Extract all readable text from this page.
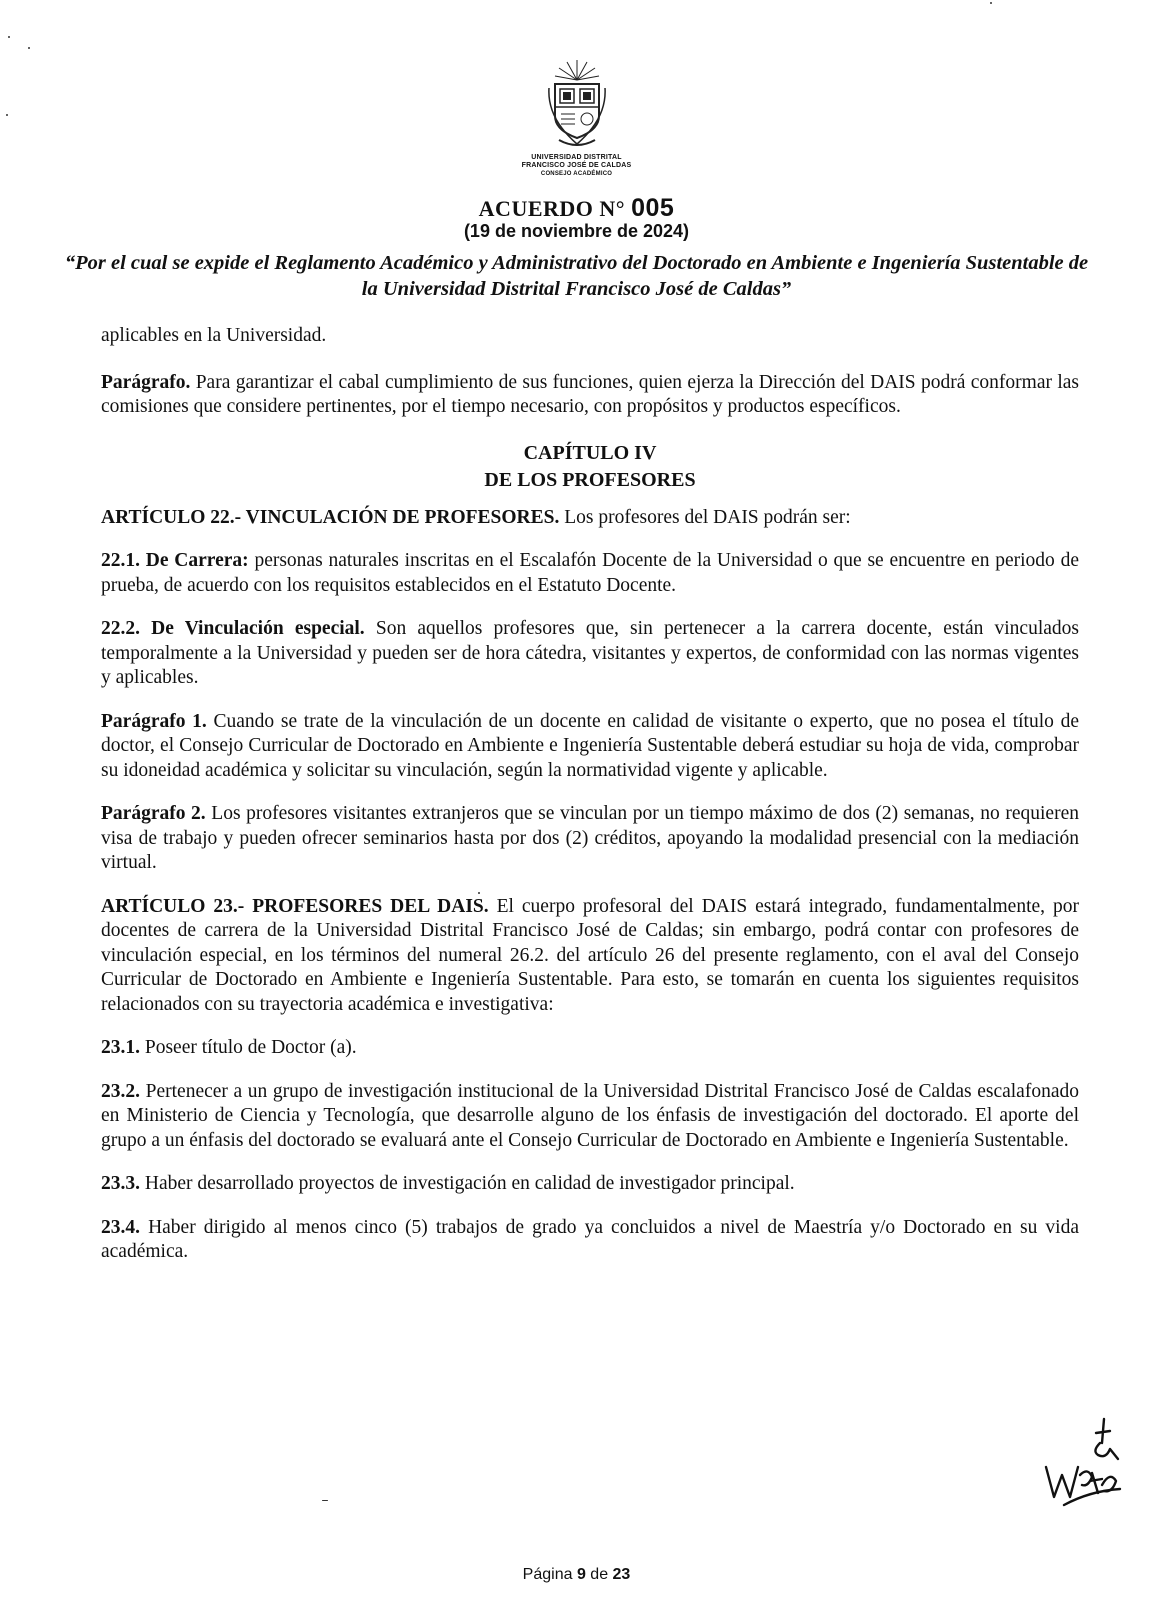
UNIVERSIDAD DISTRITAL
FRANCISCO JOSÉ DE CALDAS
CONSEJO ACADÉMICO
ACUERDO N° 005
(19 de noviembre de 2024)
“Por el cual se expide el Reglamento Académico y Administrativo del Doctorado en Ambiente e Ingeniería Sustentable de la Universidad Distrital Francisco José de Caldas”

aplicables en la Universidad.

Parágrafo. Para garantizar el cabal cumplimiento de sus funciones, quien ejerza la Dirección del DAIS podrá conformar las comisiones que considere pertinentes, por el tiempo necesario, con propósitos y productos específicos.

CAPÍTULO IV
DE LOS PROFESORES

ARTÍCULO 22.- VINCULACIÓN DE PROFESORES. Los profesores del DAIS podrán ser:

22.1. De Carrera: personas naturales inscritas en el Escalafón Docente de la Universidad o que se encuentre en periodo de prueba, de acuerdo con los requisitos establecidos en el Estatuto Docente.

22.2. De Vinculación especial. Son aquellos profesores que, sin pertenecer a la carrera docente, están vinculados temporalmente a la Universidad y pueden ser de hora cátedra, visitantes y expertos, de conformidad con las normas vigentes y aplicables.

Parágrafo 1. Cuando se trate de la vinculación de un docente en calidad de visitante o experto, que no posea el título de doctor, el Consejo Curricular de Doctorado en Ambiente e Ingeniería Sustentable deberá estudiar su hoja de vida, comprobar su idoneidad académica y solicitar su vinculación, según la normatividad vigente y aplicable.

Parágrafo 2. Los profesores visitantes extranjeros que se vinculan por un tiempo máximo de dos (2) semanas, no requieren visa de trabajo y pueden ofrecer seminarios hasta por dos (2) créditos, apoyando la modalidad presencial con la mediación virtual.

ARTÍCULO 23.- PROFESORES DEL DAIS. El cuerpo profesoral del DAIS estará integrado, fundamentalmente, por docentes de carrera de la Universidad Distrital Francisco José de Caldas; sin embargo, podrá contar con profesores de vinculación especial, en los términos del numeral 26.2. del artículo 26 del presente reglamento, con el aval del Consejo Curricular de Doctorado en Ambiente e Ingeniería Sustentable. Para esto, se tomarán en cuenta los siguientes requisitos relacionados con su trayectoria académica e investigativa:

23.1. Poseer título de Doctor (a).

23.2. Pertenecer a un grupo de investigación institucional de la Universidad Distrital Francisco José de Caldas escalafonado en Ministerio de Ciencia y Tecnología, que desarrolle alguno de los énfasis de investigación del doctorado. El aporte del grupo a un énfasis del doctorado se evaluará ante el Consejo Curricular de Doctorado en Ambiente e Ingeniería Sustentable.

23.3. Haber desarrollado proyectos de investigación en calidad de investigador principal.

23.4. Haber dirigido al menos cinco (5) trabajos de grado ya concluidos a nivel de Maestría y/o Doctorado en su vida académica.

Página 9 de 23
